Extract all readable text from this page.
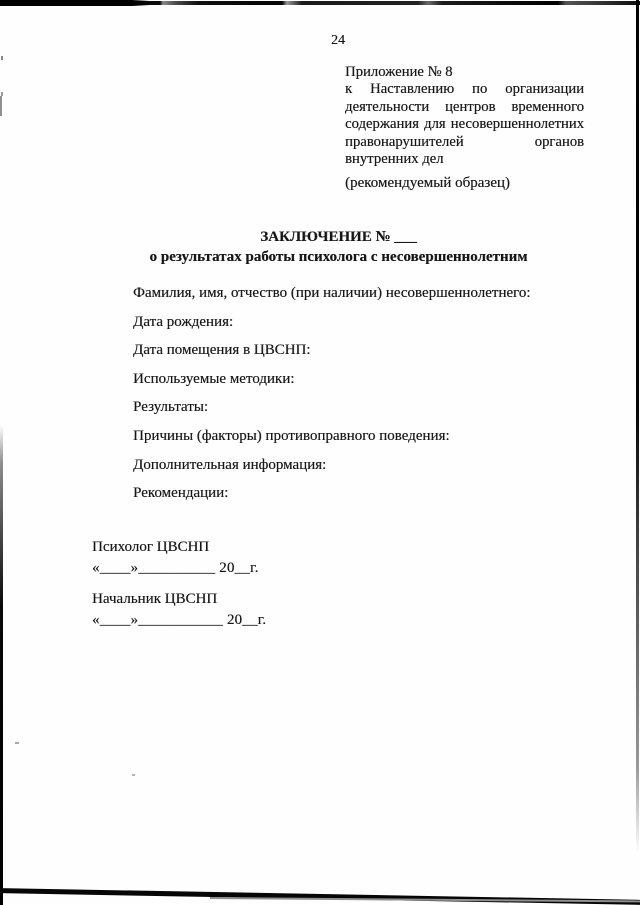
24
Приложение № 8
к Наставлению по организации
деятельности центров временного
содержания для несовершеннолетних
правонарушителей органов
внутренних дел
(рекомендуемый образец)
ЗАКЛЮЧЕНИЕ № ___
о результатах работы психолога с несовершеннолетним
Фамилия, имя, отчество (при наличии) несовершеннолетнего:
Дата рождения:
Дата помещения в ЦВСНП:
Используемые методики:
Результаты:
Причины (факторы) противоправного поведения:
Дополнительная информация:
Рекомендации:
Психолог ЦВСНП
«____»__________ 20__г.
Начальник ЦВСНП
«____»___________ 20__г.
